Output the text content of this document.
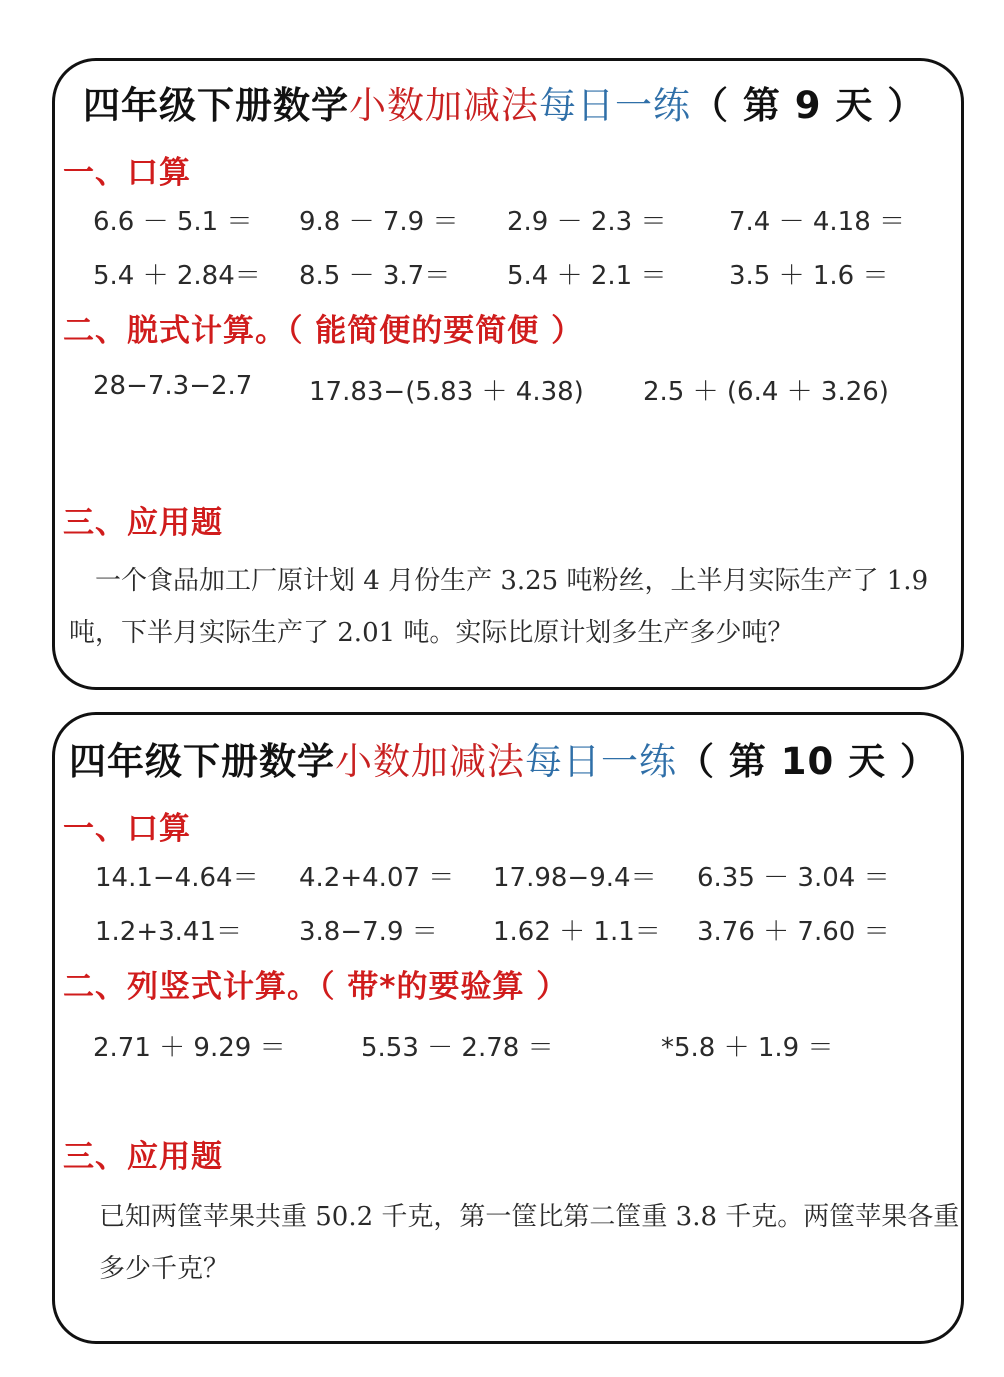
四年级下册数学小数加减法每日一练（ 第 9 天 ）
一、口算
6.6 － 5.1 ＝ 9.8 － 7.9 ＝ 2.9 － 2.3 ＝ 7.4 － 4.18 ＝
5.4 ＋ 2.84＝ 8.5 － 3.7＝ 5.4 ＋ 2.1 ＝ 3.5 ＋ 1.6 ＝
二、脱式计算。（ 能简便的要简便 ）
28−7.3−2.7 17.83−(5.83 ＋ 4.38) 2.5 ＋ (6.4 ＋ 3.26)
三、应用题
一个食品加工厂原计划 4 月份生产 3.25 吨粉丝，上半月实际生产了 1.9 吨，下半月实际生产了 2.01 吨。实际比原计划多生产多少吨？
四年级下册数学小数加减法每日一练（ 第 10 天 ）
一、口算
14.1−4.64＝ 4.2+4.07 ＝ 17.98−9.4＝ 6.35 － 3.04 ＝
1.2+3.41＝ 3.8−7.9 ＝ 1.62 ＋ 1.1＝ 3.76 ＋ 7.60 ＝
二、列竖式计算。（ 带*的要验算 ）
2.71 ＋ 9.29 ＝	5.53 － 2.78 ＝	*5.8 ＋ 1.9 ＝
三、应用题
已知两筐苹果共重 50.2 千克，第一筐比第二筐重 3.8 千克。两筐苹果各重多少千克？
